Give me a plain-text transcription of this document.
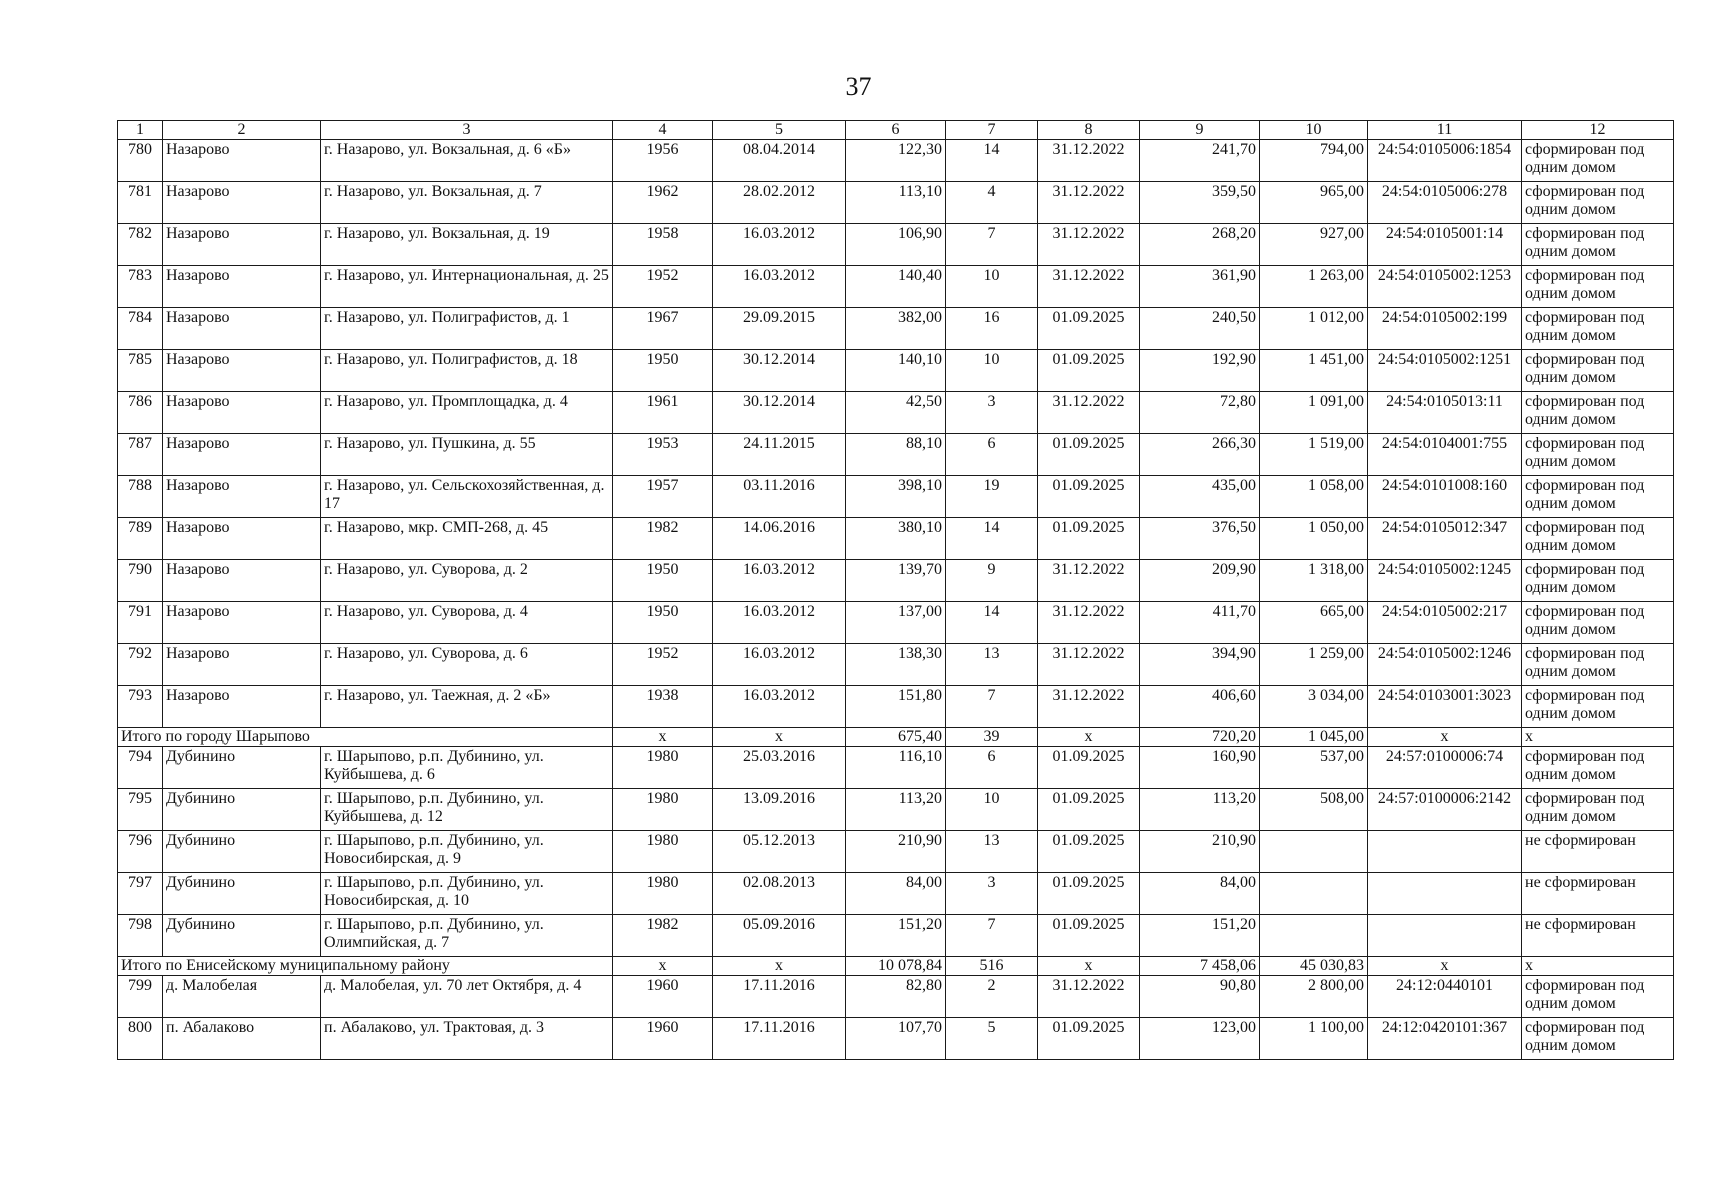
37
1	2	3	4	5	6	7	8	9	10	11	12
780	Назарово	г. Назарово, ул. Вокзальная, д. 6 «Б»	1956	08.04.2014	122,30	14	31.12.2022	241,70	794,00	24:54:0105006:1854	сформирован под одним домом
781	Назарово	г. Назарово, ул. Вокзальная, д. 7	1962	28.02.2012	113,10	4	31.12.2022	359,50	965,00	24:54:0105006:278	сформирован под одним домом
782	Назарово	г. Назарово, ул. Вокзальная, д. 19	1958	16.03.2012	106,90	7	31.12.2022	268,20	927,00	24:54:0105001:14	сформирован под одним домом
783	Назарово	г. Назарово, ул. Интернациональная, д. 25	1952	16.03.2012	140,40	10	31.12.2022	361,90	1 263,00	24:54:0105002:1253	сформирован под одним домом
784	Назарово	г. Назарово, ул. Полиграфистов, д. 1	1967	29.09.2015	382,00	16	01.09.2025	240,50	1 012,00	24:54:0105002:199	сформирован под одним домом
785	Назарово	г. Назарово, ул. Полиграфистов, д. 18	1950	30.12.2014	140,10	10	01.09.2025	192,90	1 451,00	24:54:0105002:1251	сформирован под одним домом
786	Назарово	г. Назарово, ул. Промплощадка, д. 4	1961	30.12.2014	42,50	3	31.12.2022	72,80	1 091,00	24:54:0105013:11	сформирован под одним домом
787	Назарово	г. Назарово, ул. Пушкина, д. 55	1953	24.11.2015	88,10	6	01.09.2025	266,30	1 519,00	24:54:0104001:755	сформирован под одним домом
788	Назарово	г. Назарово, ул. Сельскохозяйственная, д. 17	1957	03.11.2016	398,10	19	01.09.2025	435,00	1 058,00	24:54:0101008:160	сформирован под одним домом
789	Назарово	г. Назарово, мкр. СМП-268, д. 45	1982	14.06.2016	380,10	14	01.09.2025	376,50	1 050,00	24:54:0105012:347	сформирован под одним домом
790	Назарово	г. Назарово, ул. Суворова, д. 2	1950	16.03.2012	139,70	9	31.12.2022	209,90	1 318,00	24:54:0105002:1245	сформирован под одним домом
791	Назарово	г. Назарово, ул. Суворова, д. 4	1950	16.03.2012	137,00	14	31.12.2022	411,70	665,00	24:54:0105002:217	сформирован под одним домом
792	Назарово	г. Назарово, ул. Суворова, д. 6	1952	16.03.2012	138,30	13	31.12.2022	394,90	1 259,00	24:54:0105002:1246	сформирован под одним домом
793	Назарово	г. Назарово, ул. Таежная, д. 2 «Б»	1938	16.03.2012	151,80	7	31.12.2022	406,60	3 034,00	24:54:0103001:3023	сформирован под одним домом
Итого по городу Шарыпово			х	х	675,40	39	х	720,20	1 045,00	х	х
794	Дубинино	г. Шарыпово, р.п. Дубинино, ул. Куйбышева, д. 6	1980	25.03.2016	116,10	6	01.09.2025	160,90	537,00	24:57:0100006:74	сформирован под одним домом
795	Дубинино	г. Шарыпово, р.п. Дубинино, ул. Куйбышева, д. 12	1980	13.09.2016	113,20	10	01.09.2025	113,20	508,00	24:57:0100006:2142	сформирован под одним домом
796	Дубинино	г. Шарыпово, р.п. Дубинино, ул. Новосибирская, д. 9	1980	05.12.2013	210,90	13	01.09.2025	210,90			не сформирован
797	Дубинино	г. Шарыпово, р.п. Дубинино, ул. Новосибирская, д. 10	1980	02.08.2013	84,00	3	01.09.2025	84,00			не сформирован
798	Дубинино	г. Шарыпово, р.п. Дубинино, ул. Олимпийская, д. 7	1982	05.09.2016	151,20	7	01.09.2025	151,20			не сформирован
Итого по Енисейскому муниципальному району			х	х	10 078,84	516	х	7 458,06	45 030,83	х	х
799	д. Малобелая	д. Малобелая, ул. 70 лет Октября, д. 4	1960	17.11.2016	82,80	2	31.12.2022	90,80	2 800,00	24:12:0440101	сформирован под одним домом
800	п. Абалаково	п. Абалаково, ул. Трактовая, д. 3	1960	17.11.2016	107,70	5	01.09.2025	123,00	1 100,00	24:12:0420101:367	сформирован под одним домом
